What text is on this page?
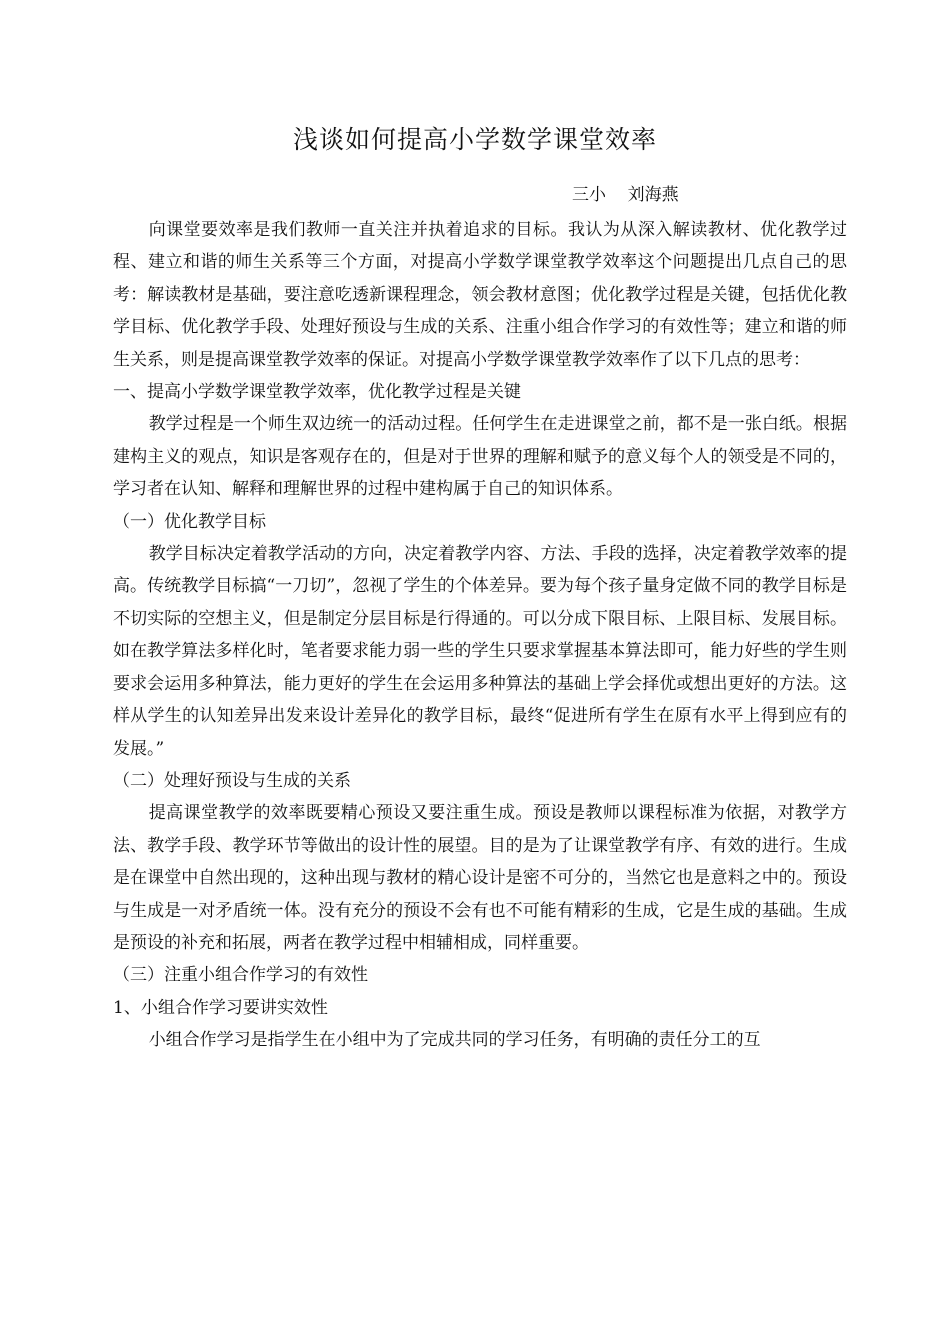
浅谈如何提高小学数学课堂效率
三小    刘海燕

向课堂要效率是我们教师一直关注并执着追求的目标。我认为从深入解读教材、优化教学过程、建立和谐的师生关系等三个方面，对提高小学数学课堂教学效率这个问题提出几点自己的思考：解读教材是基础，要注意吃透新课程理念，领会教材意图；优化教学过程是关键，包括优化教学目标、优化教学手段、处理好预设与生成的关系、注重小组合作学习的有效性等；建立和谐的师生关系，则是提高课堂教学效率的保证。对提高小学数学课堂教学效率作了以下几点的思考：

一、提高小学数学课堂教学效率，优化教学过程是关键

教学过程是一个师生双边统一的活动过程。任何学生在走进课堂之前，都不是一张白纸。根据建构主义的观点，知识是客观存在的，但是对于世界的理解和赋予的意义每个人的领受是不同的，学习者在认知、解释和理解世界的过程中建构属于自己的知识体系。

（一）优化教学目标

教学目标决定着教学活动的方向，决定着教学内容、方法、手段的选择，决定着教学效率的提高。传统教学目标搞“一刀切”，忽视了学生的个体差异。要为每个孩子量身定做不同的教学目标是不切实际的空想主义，但是制定分层目标是行得通的。可以分成下限目标、上限目标、发展目标。如在教学算法多样化时，笔者要求能力弱一些的学生只要求掌握基本算法即可，能力好些的学生则要求会运用多种算法，能力更好的学生在会运用多种算法的基础上学会择优或想出更好的方法。这样从学生的认知差异出发来设计差异化的教学目标，最终“促进所有学生在原有水平上得到应有的发展。”

（二）处理好预设与生成的关系

提高课堂教学的效率既要精心预设又要注重生成。预设是教师以课程标准为依据，对教学方法、教学手段、教学环节等做出的设计性的展望。目的是为了让课堂教学有序、有效的进行。生成是在课堂中自然出现的，这种出现与教材的精心设计是密不可分的，当然它也是意料之中的。预设与生成是一对矛盾统一体。没有充分的预设不会有也不可能有精彩的生成，它是生成的基础。生成是预设的补充和拓展，两者在教学过程中相辅相成，同样重要。

（三）注重小组合作学习的有效性

1、小组合作学习要讲实效性

小组合作学习是指学生在小组中为了完成共同的学习任务，有明确的责任分工的互
